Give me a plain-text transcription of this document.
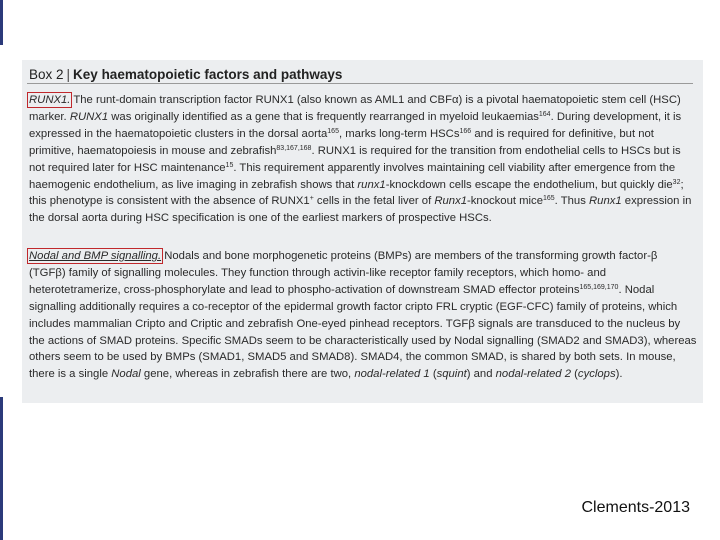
Box 2 | Key haematopoietic factors and pathways
RUNX1. The runt-domain transcription factor RUNX1 (also known as AML1 and CBFα) is a pivotal haematopoietic stem cell (HSC) marker. RUNX1 was originally identified as a gene that is frequently rearranged in myeloid leukaemias$^{164}$. During development, it is expressed in the haematopoietic clusters in the dorsal aorta$^{165}$, marks long-term HSCs$^{166}$ and is required for definitive, but not primitive, haematopoiesis in mouse and zebrafish$^{83,167,168}$. RUNX1 is required for the transition from endothelial cells to HSCs but is not required later for HSC maintenance$^{15}$. This requirement apparently involves maintaining cell viability after emergence from the haemogenic endothelium, as live imaging in zebrafish shows that runx1-knockdown cells escape the endothelium, but quickly die$^{32}$; this phenotype is consistent with the absence of RUNX1+ cells in the fetal liver of Runx1-knockout mice$^{165}$. Thus Runx1 expression in the dorsal aorta during HSC specification is one of the earliest markers of prospective HSCs.
Nodal and BMP signalling. Nodals and bone morphogenetic proteins (BMPs) are members of the transforming growth factor-β (TGFβ) family of signalling molecules. They function through activin-like receptor family receptors, which homo- and heterotetramerize, cross-phosphorylate and lead to phospho-activation of downstream SMAD effector proteins$^{165,169,170}$. Nodal signalling additionally requires a co-receptor of the epidermal growth factor cripto FRL cryptic (EGF-CFC) family of proteins, which includes mammalian Cripto and Criptic and zebrafish One-eyed pinhead receptors. TGFβ signals are transduced to the nucleus by the actions of SMAD proteins. Specific SMADs seem to be characteristically used by Nodal signalling (SMAD2 and SMAD3), whereas others seem to be used by BMPs (SMAD1, SMAD5 and SMAD8). SMAD4, the common SMAD, is shared by both sets. In mouse, there is a single Nodal gene, whereas in zebrafish there are two, nodal-related 1 (squint) and nodal-related 2 (cyclops).
Clements-2013
